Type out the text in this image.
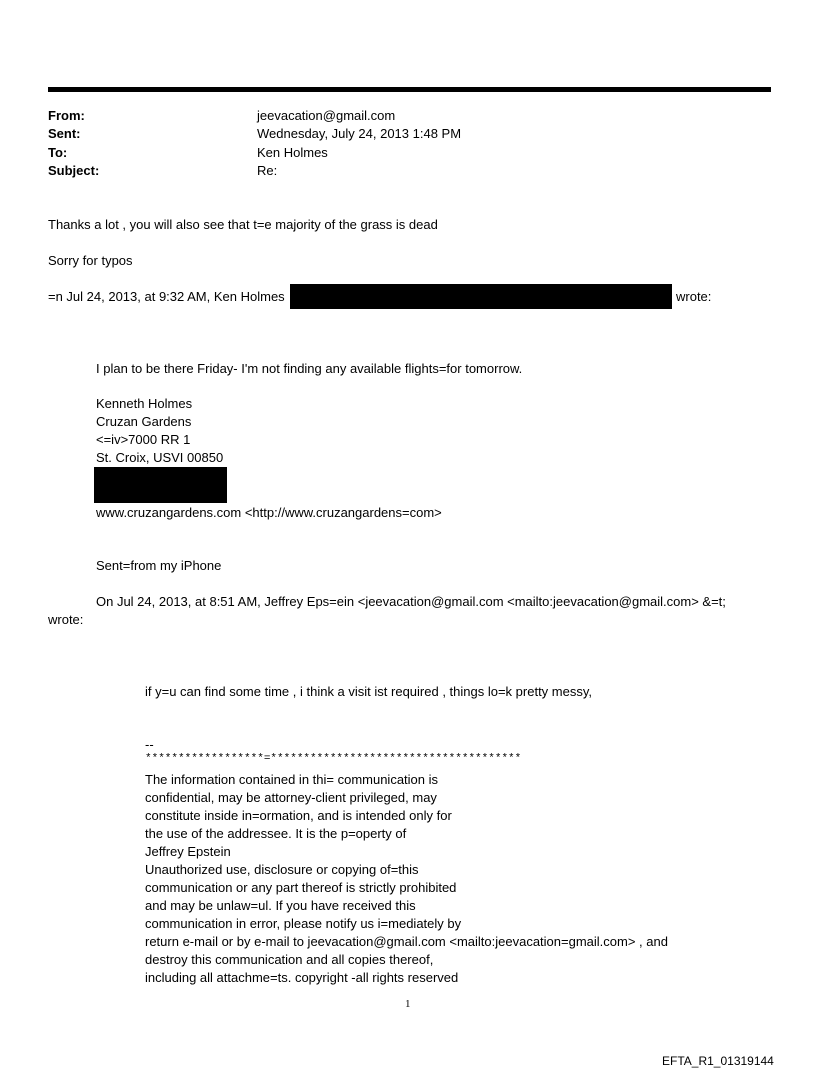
From:	jeevacation@gmail.com
Sent:	Wednesday, July 24, 2013 1:48 PM
To:	Ken Holmes
Subject:	Re:
Thanks a lot , you will also see that t=e majority of the grass is dead
Sorry for typos
=n Jul 24, 2013, at 9:32 AM, Ken Holmes	wrote:
I plan to be there Friday- I'm not finding any available flights=for tomorrow.
Kenneth Holmes
Cruzan Gardens
<=iv>7000 RR 1
St. Croix, USVI 00850
www.cruzangardens.com <http://www.cruzangardens=com>
Sent=from my iPhone
On Jul 24, 2013, at 8:51 AM, Jeffrey Eps=ein <jeevacation@gmail.com <mailto:jeevacation@gmail.com> &=t;
wrote:
if y=u can find some time , i think a visit ist required , things lo=k pretty messy,
--
******************=**************************************
The information contained in thi= communication is
confidential, may be attorney-client privileged, may
constitute inside in=ormation, and is intended only for
the use of the addressee. It is the p=operty of
Jeffrey Epstein
Unauthorized use, disclosure or copying of=this
communication or any part thereof is strictly prohibited
and may be unlaw=ul. If you have received this
communication in error, please notify us i=mediately by
return e-mail or by e-mail to jeevacation@gmail.com <mailto:jeevacation=gmail.com> , and
destroy this communication and all copies thereof,
including all attachme=ts. copyright -all rights reserved
1
EFTA_R1_01319144
